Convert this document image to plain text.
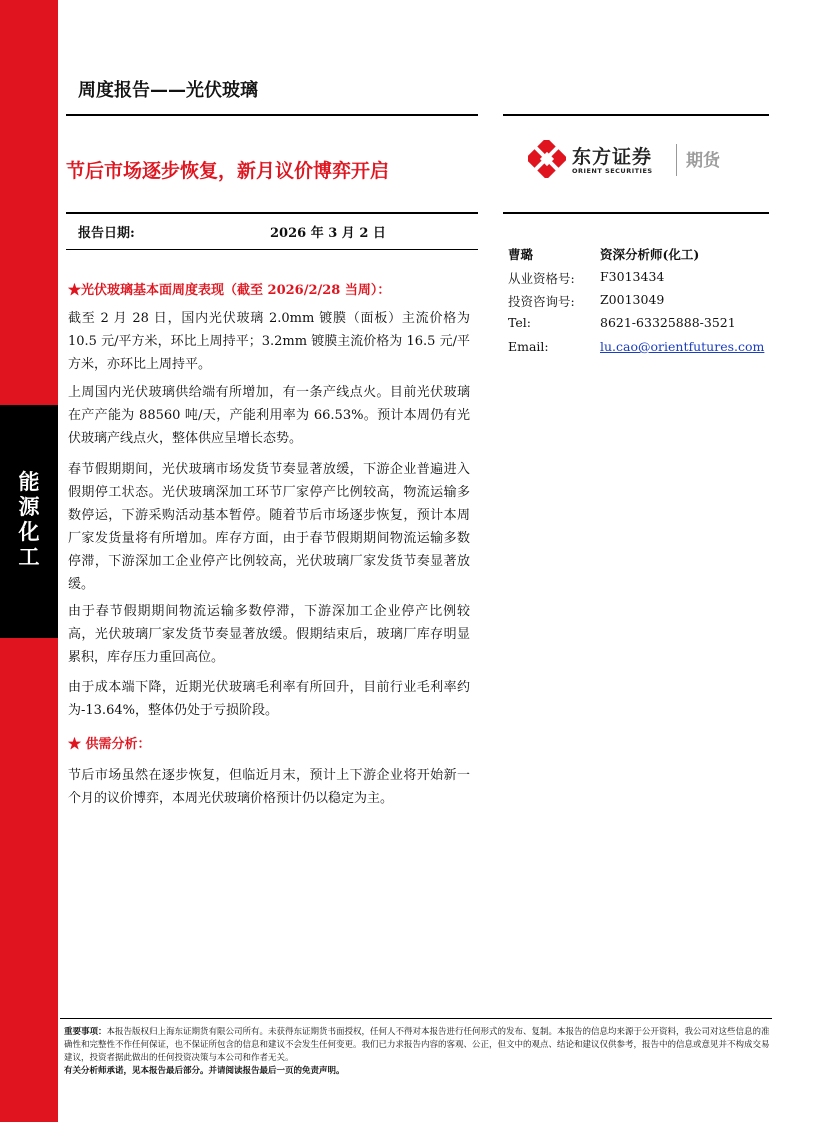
能
源
化
工
周度报告——光伏玻璃
节后市场逐步恢复，新月议价博弈开启
东方证券
ORIENT SECURITIES 期货
报告日期:	2026 年 3 月 2 日
曹璐	资深分析师(化工)
从业资格号: F3013434
投资咨询号: Z0013049
Tel:	8621-63325888-3521
Email:	lu.cao@orientfutures.com
★光伏玻璃基本面周度表现（截至 2026/2/28 当周）：
截至 2 月 28 日，国内光伏玻璃 2.0mm 镀膜（面板）主流价格为 10.5 元/平方米，环比上周持平；3.2mm 镀膜主流价格为 16.5 元/平方米，亦环比上周持平。
上周国内光伏玻璃供给端有所增加，有一条产线点火。目前光伏玻璃在产产能为 88560 吨/天，产能利用率为 66.53%。预计本周仍有光伏玻璃产线点火，整体供应呈增长态势。
春节假期期间，光伏玻璃市场发货节奏显著放缓，下游企业普遍进入假期停工状态。光伏玻璃深加工环节厂家停产比例较高，物流运输多数停运，下游采购活动基本暂停。随着节后市场逐步恢复，预计本周厂家发货量将有所增加。库存方面，由于春节假期期间物流运输多数停滞，下游深加工企业停产比例较高，光伏玻璃厂家发货节奏显著放缓。
由于春节假期期间物流运输多数停滞，下游深加工企业停产比例较高，光伏玻璃厂家发货节奏显著放缓。假期结束后，玻璃厂库存明显累积，库存压力重回高位。
由于成本端下降，近期光伏玻璃毛利率有所回升，目前行业毛利率约为-13.64%，整体仍处于亏损阶段。
★ 供需分析：
节后市场虽然在逐步恢复，但临近月末，预计上下游企业将开始新一个月的议价博弈，本周光伏玻璃价格预计仍以稳定为主。
重要事项：本报告版权归上海东证期货有限公司所有。未获得东证期货书面授权，任何人不得对本报告进行任何形式的发布、复制。本报告的信息均来源于公开资料，我公司对这些信息的准确性和完整性不作任何保证，也不保证所包含的信息和建议不会发生任何变更。我们已力求报告内容的客观、公正，但文中的观点、结论和建议仅供参考，报告中的信息或意见并不构成交易建议，投资者据此做出的任何投资决策与本公司和作者无关。
有关分析师承诺，见本报告最后部分。并请阅读报告最后一页的免责声明。
